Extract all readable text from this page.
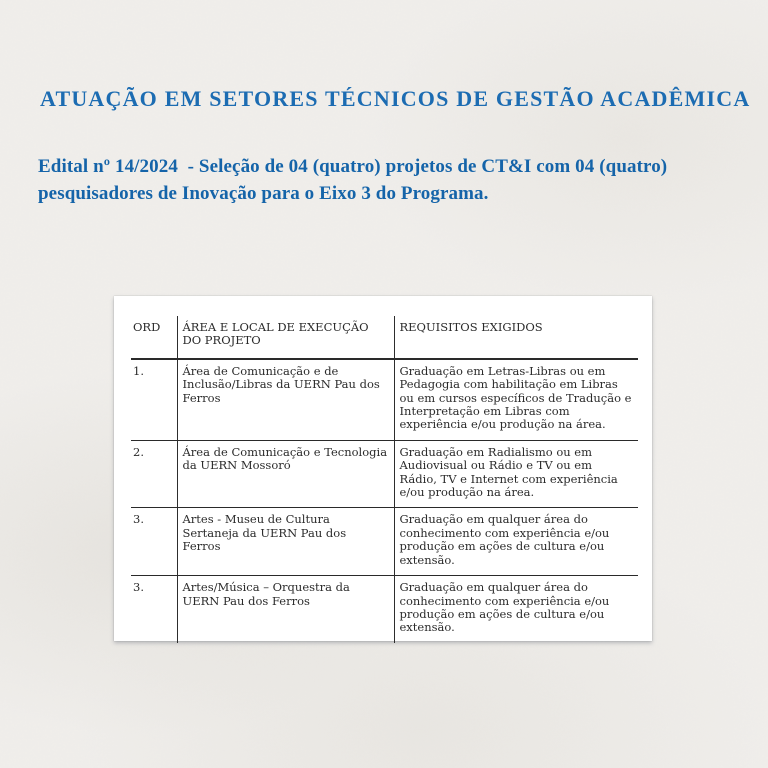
ATUAÇÃO EM SETORES TÉCNICOS DE GESTÃO ACADÊMICA

Edital nº 14/2024  - Seleção de 04 (quatro) projetos de CT&I com 04 (quatro) pesquisadores de Inovação para o Eixo 3 do Programa.

ORD	ÁREA E LOCAL DE EXECUÇÃO DO PROJETO	REQUISITOS EXIGIDOS
1.	Área de Comunicação e de Inclusão/Libras da UERN Pau dos Ferros	Graduação em Letras-Libras ou em Pedagogia com habilitação em Libras ou em cursos específicos de Tradução e Interpretação em Libras com experiência e/ou produção na área.
2.	Área de Comunicação e Tecnologia da UERN Mossoró	Graduação em Radialismo ou em Audiovisual ou Rádio e TV ou em Rádio, TV e Internet com experiência e/ou produção na área.
3.	Artes - Museu de Cultura Sertaneja da UERN Pau dos Ferros	Graduação em qualquer área do conhecimento com experiência e/ou produção em ações de cultura e/ou extensão.
3.	Artes/Música – Orquestra da UERN Pau dos Ferros	Graduação em qualquer área do conhecimento com experiência e/ou produção em ações de cultura e/ou extensão.
